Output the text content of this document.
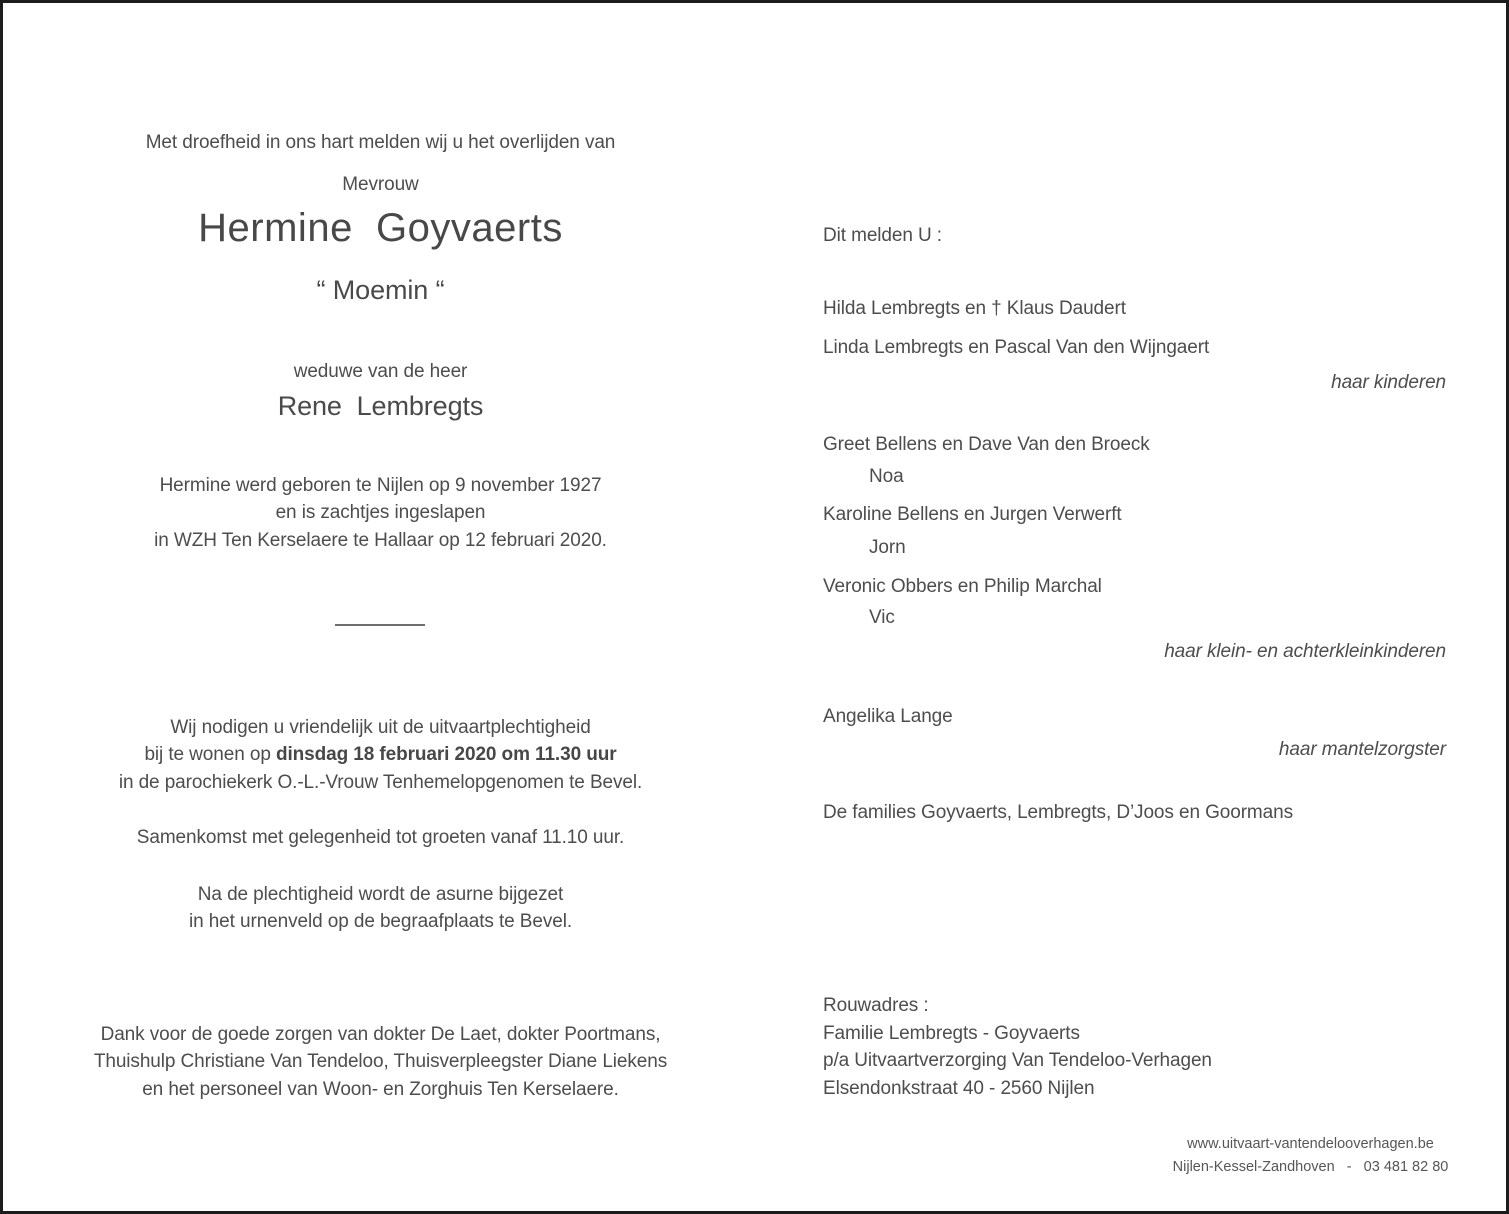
Met droefheid in ons hart melden wij u het overlijden van

Mevrouw

Hermine  Goyvaerts

“ Moemin “

weduwe van de heer

Rene  Lembregts

Hermine werd geboren te Nijlen op 9 november 1927
en is zachtjes ingeslapen
in WZH Ten Kerselaere te Hallaar op 12 februari 2020.
Wij nodigen u vriendelijk uit de uitvaartplechtigheid
bij te wonen op dinsdag 18 februari 2020 om 11.30 uur
in de parochiekerk O.-L.-Vrouw Tenhemelopgenomen te Bevel.

Samenkomst met gelegenheid tot groeten vanaf 11.10 uur.

Na de plechtigheid wordt de asurne bijgezet
in het urnenveld op de begraafplaats te Bevel.
Dank voor de goede zorgen van dokter De Laet, dokter Poortmans,
Thuishulp Christiane Van Tendeloo, Thuisverpleegster Diane Liekens
en het personeel van Woon- en Zorghuis Ten Kerselaere.

Dit melden U :

Hilda Lembregts en † Klaus Daudert

Linda Lembregts en Pascal Van den Wijngaert

haar kinderen

Greet Bellens en Dave Van den Broeck

Noa

Karoline Bellens en Jurgen Verwerft

Jorn

Veronic Obbers en Philip Marchal

Vic

haar klein- en achterkleinkinderen

Angelika Lange

haar mantelzorgster

De families Goyvaerts, Lembregts, D’Joos en Goormans

Rouwadres :
Familie Lembregts - Goyvaerts
p/a Uitvaartverzorging Van Tendeloo-Verhagen
Elsendonkstraat 40 - 2560 Nijlen
www.uitvaart-vantendelooverhagen.be
Nijlen-Kessel-Zandhoven   -   03 481 82 80
